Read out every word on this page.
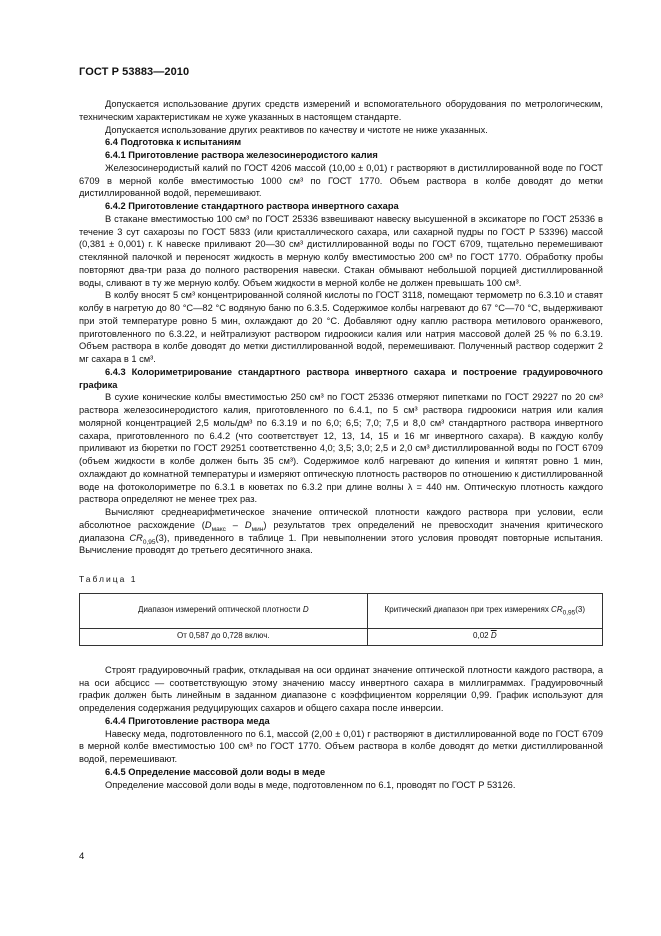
ГОСТ Р 53883—2010

Допускается использование других средств измерений и вспомогательного оборудования по метрологическим, техническим характеристикам не хуже указанных в настоящем стандарте.

Допускается использование других реактивов по качеству и чистоте не ниже указанных.

6.4 Подготовка к испытаниям

6.4.1 Приготовление раствора железосинеродистого калия

Железосинеродистый калий по ГОСТ 4206 массой (10,00 ± 0,01) г растворяют в дистиллированной воде по ГОСТ 6709 в мерной колбе вместимостью 1000 см³ по ГОСТ 1770. Объем раствора в колбе доводят до метки дистиллированной водой, перемешивают.

6.4.2 Приготовление стандартного раствора инвертного сахара

В стакане вместимостью 100 см³ по ГОСТ 25336 взвешивают навеску высушенной в эксикаторе по ГОСТ 25336 в течение 3 сут сахарозы по ГОСТ 5833 (или кристаллического сахара, или сахарной пудры по ГОСТ Р 53396) массой (0,381 ± 0,001) г. К навеске приливают 20—30 см³ дистиллированной воды по ГОСТ 6709, тщательно перемешивают стеклянной палочкой и переносят жидкость в мерную колбу вместимостью 200 см³ по ГОСТ 1770. Обработку пробы повторяют два-три раза до полного растворения навески. Стакан обмывают небольшой порцией дистиллированной воды, сливают в ту же мерную колбу. Объем жидкости в мерной колбе не должен превышать 100 см³.

В колбу вносят 5 см³ концентрированной соляной кислоты по ГОСТ 3118, помещают термометр по 6.3.10 и ставят колбу в нагретую до 80 °С—82 °С водяную баню по 6.3.5. Содержимое колбы нагревают до 67 °С—70 °С, выдерживают при этой температуре ровно 5 мин, охлаждают до 20 °С. Добавляют одну каплю раствора метилового оранжевого, приготовленного по 6.3.22, и нейтрализуют раствором гидроокиси калия или натрия массовой долей 25 % по 6.3.19. Объем раствора в колбе доводят до метки дистиллированной водой, перемешивают. Полученный раствор содержит 2 мг сахара в 1 см³.

6.4.3 Колориметрирование стандартного раствора инвертного сахара и построение градуировочного графика

В сухие конические колбы вместимостью 250 см³ по ГОСТ 25336 отмеряют пипетками по ГОСТ 29227 по 20 см³ раствора железосинеродистого калия, приготовленного по 6.4.1, по 5 см³ раствора гидроокиси натрия или калия молярной концентрацией 2,5 моль/дм³ по 6.3.19 и по 6,0; 6,5; 7,0; 7,5 и 8,0 см³ стандартного раствора инвертного сахара, приготовленного по 6.4.2 (что соответствует 12, 13, 14, 15 и 16 мг инвертного сахара). В каждую колбу приливают из бюретки по ГОСТ 29251 соответственно 4,0; 3,5; 3,0; 2,5 и 2,0 см³ дистиллированной воды по ГОСТ 6709 (объем жидкости в колбе должен быть 35 см³). Содержимое колб нагревают до кипения и кипятят ровно 1 мин, охлаждают до комнатной температуры и измеряют оптическую плотность растворов по отношению к дистиллированной воде на фотоколориметре по 6.3.1 в кюветах по 6.3.2 при длине волны λ = 440 нм. Оптическую плотность каждого раствора определяют не менее трех раз.

Вычисляют среднеарифметическое значение оптической плотности каждого раствора при условии, если абсолютное расхождение $(D_{макс} - D_{мин})$ результатов трех определений не превосходит значения критического диапазона $CR_{0,95}(3)$, приведенного в таблице 1. При невыполнении этого условия проводят повторные испытания. Вычисление проводят до третьего десятичного знака.

Таблица 1
Диапазон измерений оптической плотности D	Критический диапазон при трех измерениях $CR_{0,95}(3)$
От 0,587 до 0,728 включ.	0,02 $\overline{D}$

Строят градуировочный график, откладывая на оси ординат значение оптической плотности каждого раствора, а на оси абсцисс — соответствующую этому значению массу инвертного сахара в миллиграммах. Градуировочный график должен быть линейным в заданном диапазоне с коэффициентом корреляции 0,99. График используют для определения содержания редуцирующих сахаров и общего сахара после инверсии.

6.4.4 Приготовление раствора меда

Навеску меда, подготовленного по 6.1, массой (2,00 ± 0,01) г растворяют в дистиллированной воде по ГОСТ 6709 в мерной колбе вместимостью 100 см³ по ГОСТ 1770. Объем раствора в колбе доводят до метки дистиллированной водой, перемешивают.

6.4.5 Определение массовой доли воды в меде

Определение массовой доли воды в меде, подготовленном по 6.1, проводят по ГОСТ Р 53126.

4
